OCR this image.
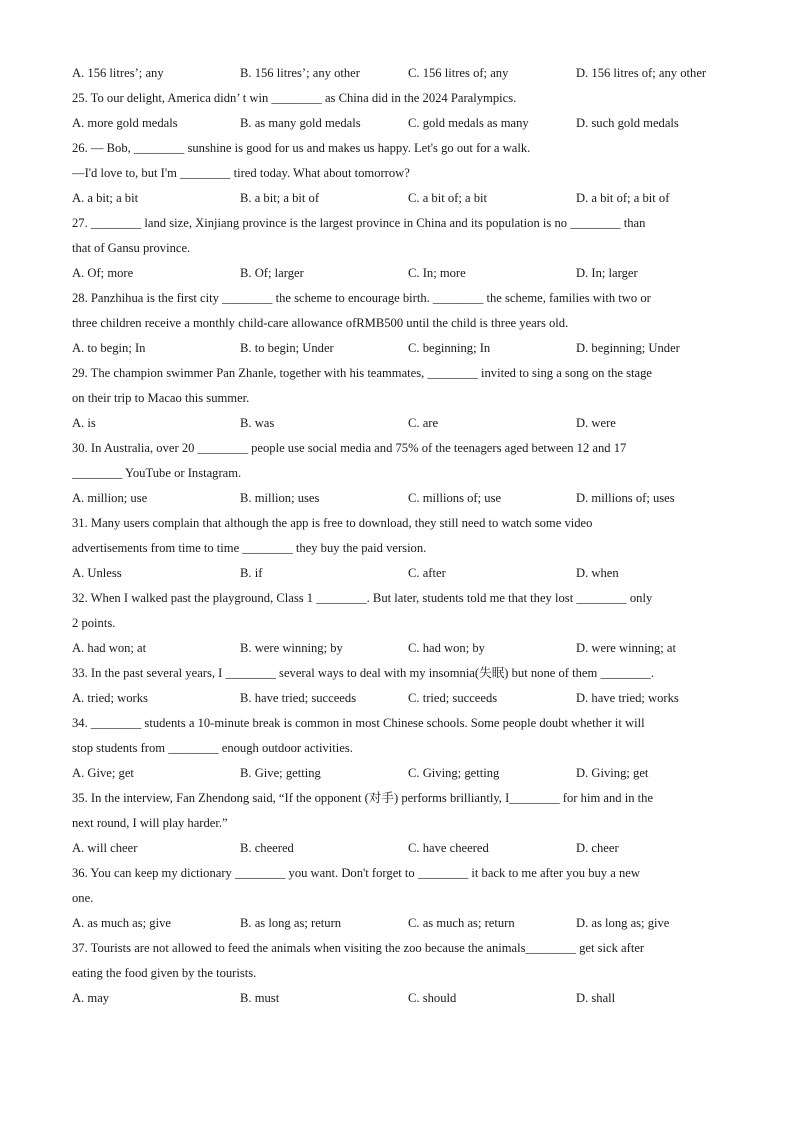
A. 156 litres’; any	B. 156 litres’; any other	C. 156 litres of; any	D. 156 litres of; any other
25. To our delight, America didn’ t win ________ as China did in the 2024 Paralympics.
A. more gold medals	B. as many gold medals	C. gold medals as many	D. such gold medals
26. — Bob, ________ sunshine is good for us and makes us happy. Let's go out for a walk.
—I'd love to, but I'm ________ tired today. What about tomorrow?
A. a bit; a bit	B. a bit; a bit of	C. a bit of; a bit	D. a bit of; a bit of
27. ________ land size, Xinjiang province is the largest province in China and its population is no ________ than
that of Gansu province.
A. Of; more	B. Of; larger	C. In; more	D. In; larger
28. Panzhihua is the first city ________ the scheme to encourage birth. ________ the scheme, families with two or
three children receive a monthly child-care allowance ofRMB500 until the child is three years old.
A. to begin; In	B. to begin; Under	C. beginning; In	D. beginning; Under
29. The champion swimmer Pan Zhanle, together with his teammates, ________ invited to sing a song on the stage
on their trip to Macao this summer.
A. is	B. was	C. are	D. were
30. In Australia, over 20 ________ people use social media and 75% of the teenagers aged between 12 and 17
________ YouTube or Instagram.
A. million; use	B. million; uses	C. millions of; use	D. millions of; uses
31. Many users complain that although the app is free to download, they still need to watch some video
advertisements from time to time ________ they buy the paid version.
A. Unless	B. if	C. after	D. when
32. When I walked past the playground, Class 1 ________. But later, students told me that they lost ________ only
2 points.
A. had won; at	B. were winning; by	C. had won; by	D. were winning; at
33. In the past several years, I ________ several ways to deal with my insomnia(失眠) but none of them ________.
A. tried; works	B. have tried; succeeds	C. tried; succeeds	D. have tried; works
34. ________ students a 10-minute break is common in most Chinese schools. Some people doubt whether it will
stop students from ________ enough outdoor activities.
A. Give; get	B. Give; getting	C. Giving; getting	D. Giving; get
35. In the interview, Fan Zhendong said, “If the opponent (对手) performs brilliantly, I________ for him and in the
next round, I will play harder.”
A. will cheer	B. cheered	C. have cheered	D. cheer
36. You can keep my dictionary ________ you want. Don't forget to ________ it back to me after you buy a new
one.
A. as much as; give	B. as long as; return	C. as much as; return	D. as long as; give
37. Tourists are not allowed to feed the animals when visiting the zoo because the animals________ get sick after
eating the food given by the tourists.
A. may	B. must	C. should	D. shall
